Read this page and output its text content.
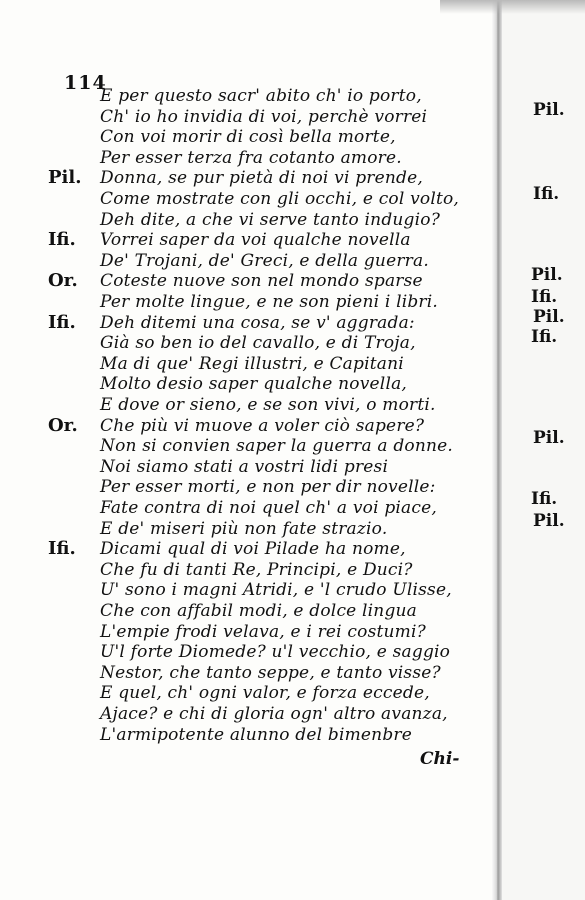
114
E per questo sacr' abito ch' io porto,
Ch' io ho invidia di voi, perchè vorrei
Con voi morir di così bella morte,
Per esser terza fra cotanto amore.
Pil. Donna, se pur pietà di noi vi prende,
Come mostrate con gli occhi, e col volto,
Deh dite, a che vi serve tanto indugio?
Ifi. Vorrei saper da voi qualche novella
De' Trojani, de' Greci, e della guerra.
Or. Coteste nuove son nel mondo sparse
Per molte lingue, e ne son pieni i libri.
Ifi. Deh ditemi una cosa, se v' aggrada:
Già so ben io del cavallo, e di Troja,
Ma di que' Regi illustri, e Capitani
Molto desio saper qualche novella,
E dove or sieno, e se son vivi, o morti.
Or. Che più vi muove a voler ciò sapere?
Non si convien saper la guerra a donne.
Noi siamo stati a vostri lidi presi
Per esser morti, e non per dir novelle:
Fate contra di noi quel ch' a voi piace,
E de' miseri più non fate strazio.
Ifi. Dicami qual di voi Pilade ha nome,
Che fu di tanti Re, Principi, e Duci?
U' sono i magni Atridi, e 'l crudo Ulisse,
Che con affabil modi, e dolce lingua
L'empie frodi velava, e i rei costumi?
U'l forte Diomede? u'l vecchio, e saggio
Nestor, che tanto seppe, e tanto visse?
E quel, ch' ogni valor, e forza eccede,
Ajace? e chi di gloria ogn' altro avanza,
L'armipotente alunno del bimenbre
Pil.
Ifi.
Pil.
Ifi.
Pil.
Ifi.
Pil.
Ifi.
Pil.
Chi-
